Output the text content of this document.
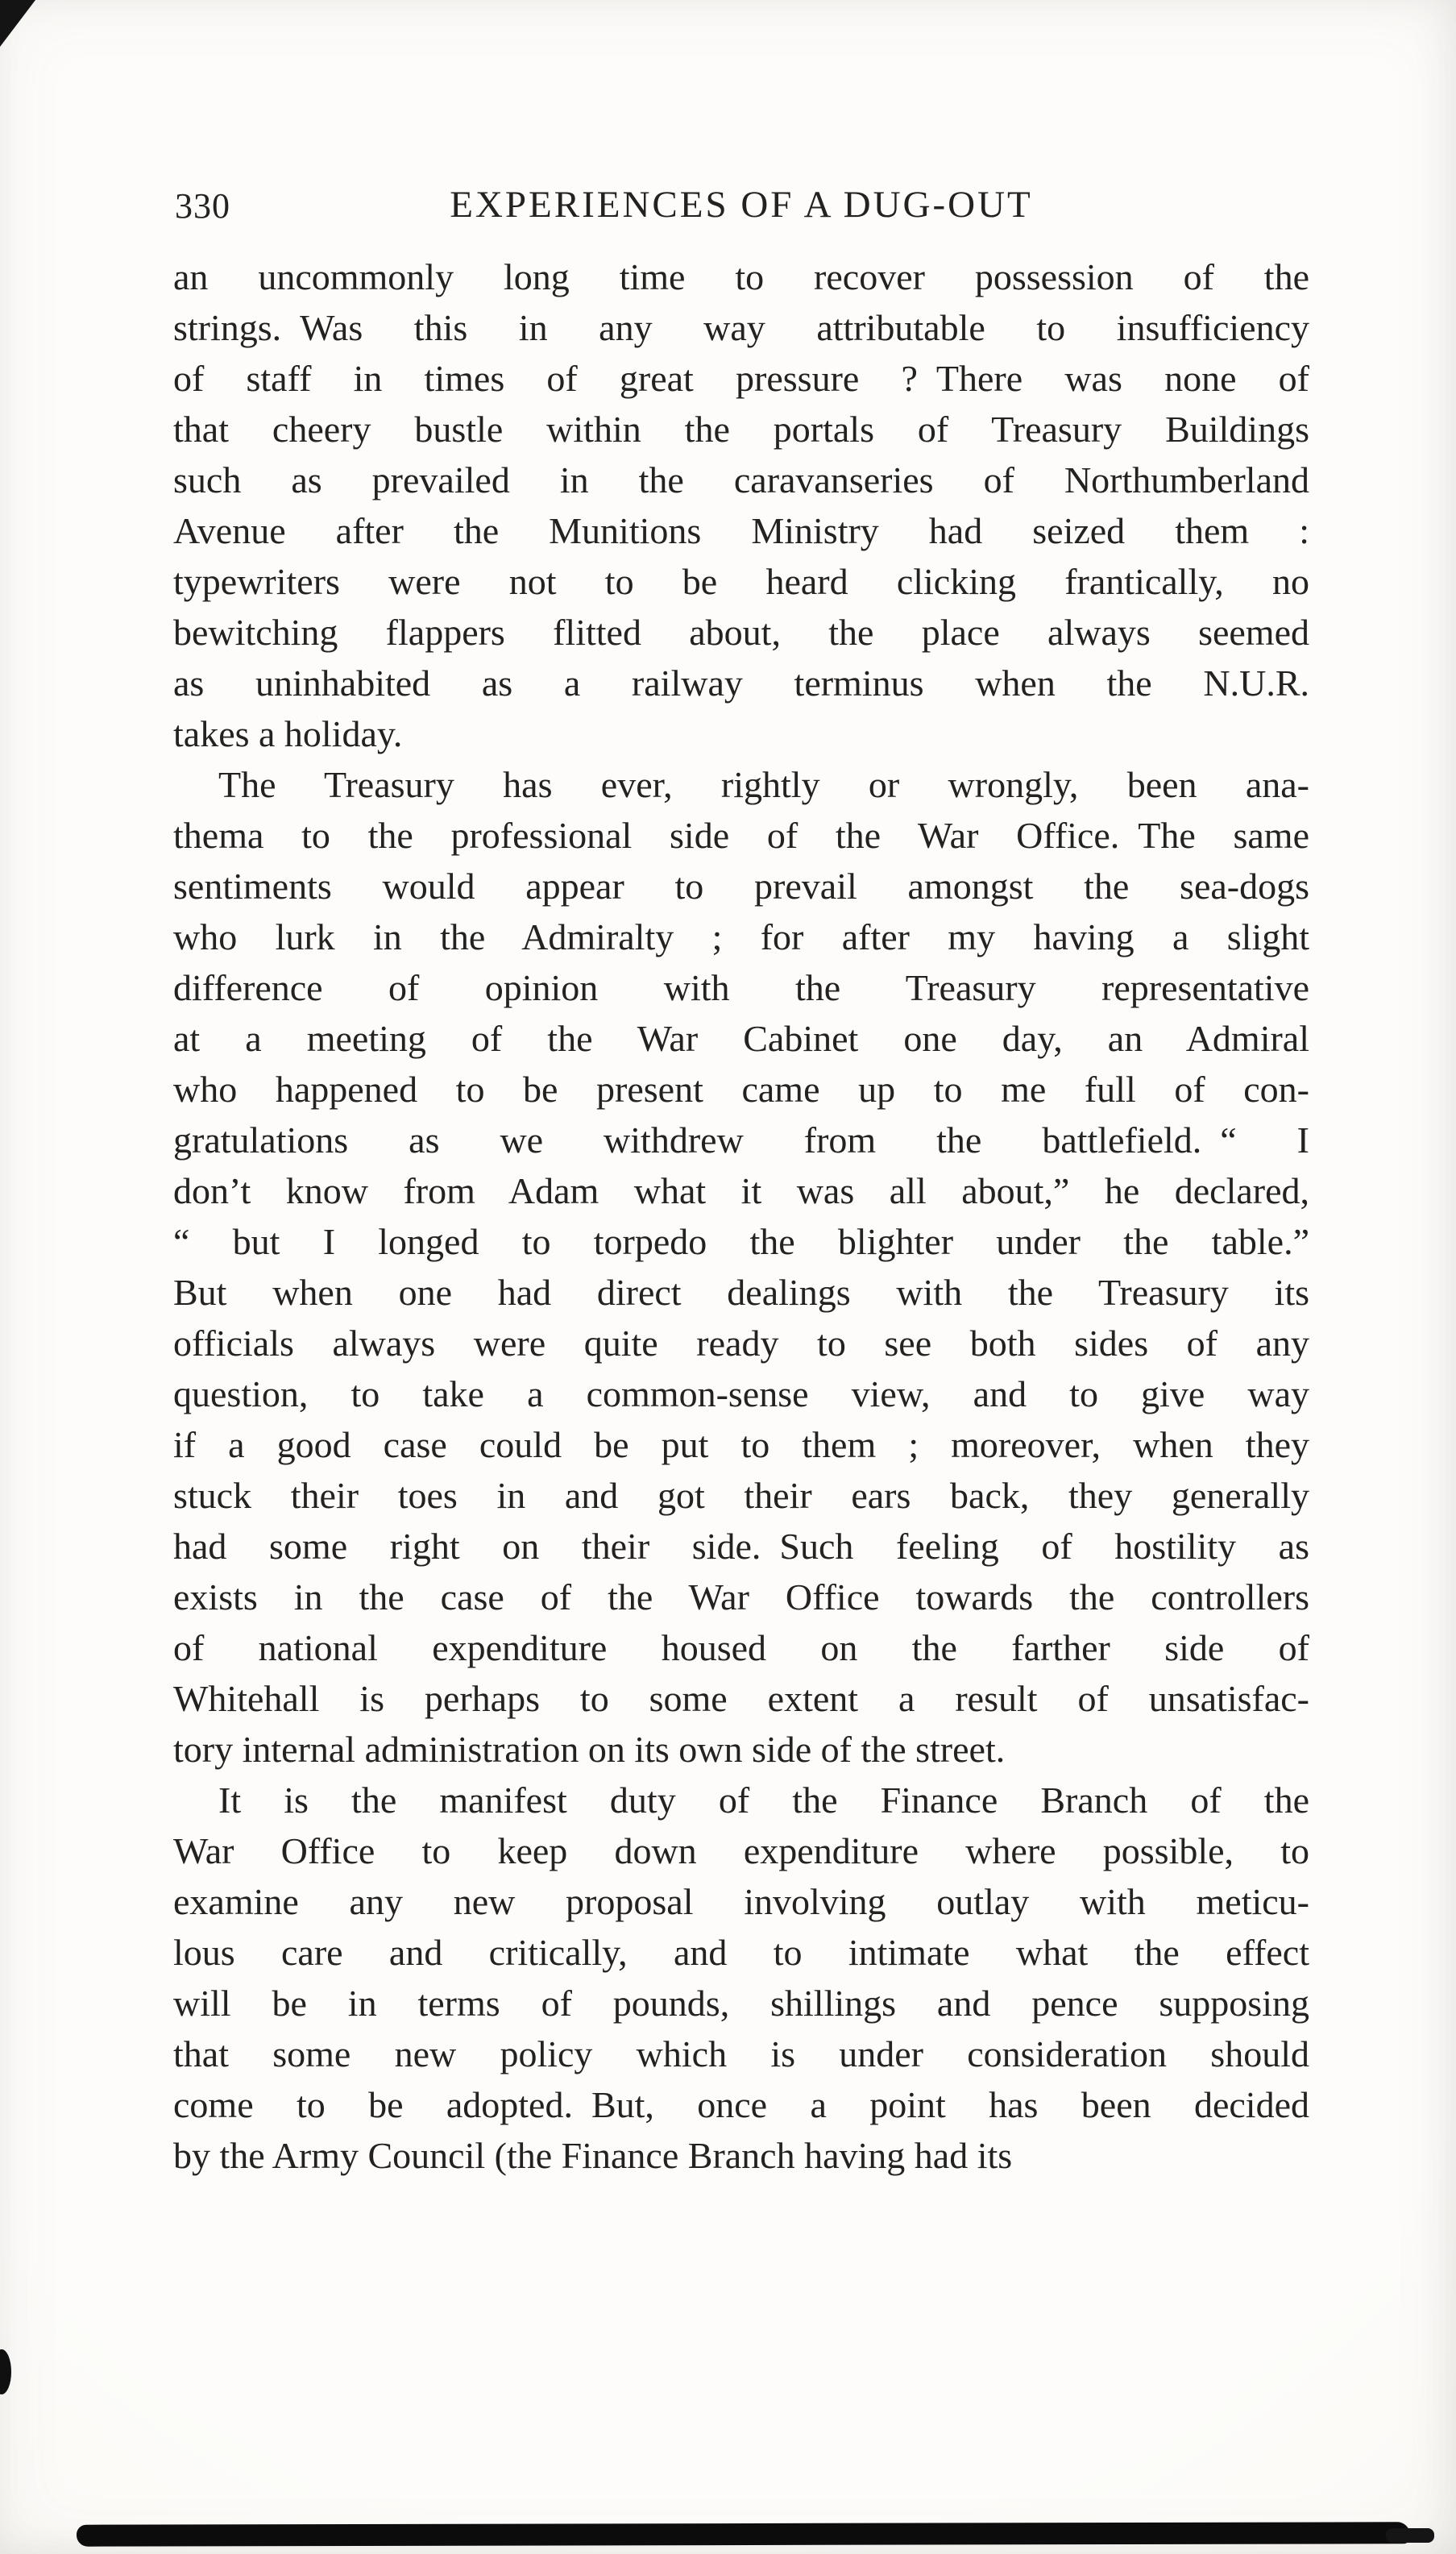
330	EXPERIENCES OF A DUG-OUT
an uncommonly long time to recover possession of the
strings. Was this in any way attributable to insufficiency
of staff in times of great pressure ? There was none of
that cheery bustle within the portals of Treasury Buildings
such as prevailed in the caravanseries of Northumberland
Avenue after the Munitions Ministry had seized them :
typewriters were not to be heard clicking frantically, no
bewitching flappers flitted about, the place always seemed
as uninhabited as a railway terminus when the N.U.R.
takes a holiday.
The Treasury has ever, rightly or wrongly, been ana-
thema to the professional side of the War Office. The same
sentiments would appear to prevail amongst the sea-dogs
who lurk in the Admiralty ; for after my having a slight
difference of opinion with the Treasury representative
at a meeting of the War Cabinet one day, an Admiral
who happened to be present came up to me full of con-
gratulations as we withdrew from the battlefield. “ I
don’t know from Adam what it was all about,” he declared,
“ but I longed to torpedo the blighter under the table.”
But when one had direct dealings with the Treasury its
officials always were quite ready to see both sides of any
question, to take a common-sense view, and to give way
if a good case could be put to them ; moreover, when they
stuck their toes in and got their ears back, they generally
had some right on their side. Such feeling of hostility as
exists in the case of the War Office towards the controllers
of national expenditure housed on the farther side of
Whitehall is perhaps to some extent a result of unsatisfac-
tory internal administration on its own side of the street.
It is the manifest duty of the Finance Branch of the
War Office to keep down expenditure where possible, to
examine any new proposal involving outlay with meticu-
lous care and critically, and to intimate what the effect
will be in terms of pounds, shillings and pence supposing
that some new policy which is under consideration should
come to be adopted. But, once a point has been decided
by the Army Council (the Finance Branch having had its
